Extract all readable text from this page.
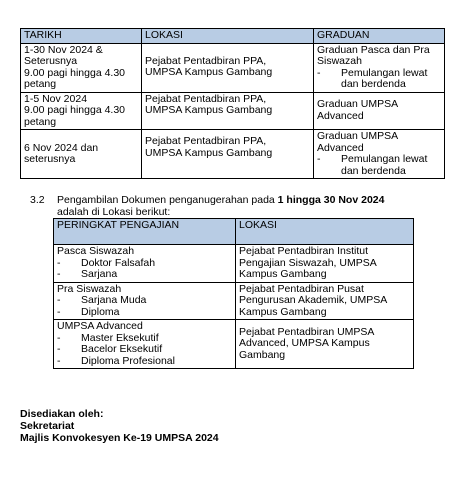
TARIKH	LOKASI	GRADUAN
1-30 Nov 2024 &
Seterusnya
9.00 pagi hingga 4.30
petang	Pejabat Pentadbiran PPA,
UMPSA Kampus Gambang	Graduan Pasca dan Pra Siswazah
- Pemulangan lewat dan berdenda

1-5 Nov 2024
9.00 pagi hingga 4.30
petang	Pejabat Pentadbiran PPA,
UMPSA Kampus Gambang	Graduan UMPSA Advanced
6 Nov 2024 dan
seterusnya	Pejabat Pentadbiran PPA,
UMPSA Kampus Gambang	Graduan UMPSA Advanced
- Pemulangan lewat dan berdenda
3.2 Pengambilan Dokumen penganugerahan pada 1 hingga 30 Nov 2024
adalah di Lokasi berikut:
PERINGKAT PENGAJIAN	LOKASI
Pasca Siswazah
- Doktor Falsafah
- Sarjana	Pejabat Pentadbiran Institut Pengajian Siswazah, UMPSA Kampus Gambang
Pra Siswazah
- Sarjana Muda
- Diploma	Pejabat Pentadbiran Pusat Pengurusan Akademik, UMPSA Kampus Gambang
UMPSA Advanced
- Master Eksekutif
- Bacelor Eksekutif
- Diploma Profesional	Pejabat Pentadbiran UMPSA Advanced, UMPSA Kampus Gambang
Disediakan oleh:
Sekretariat
Majlis Konvokesyen Ke-19 UMPSA 2024
